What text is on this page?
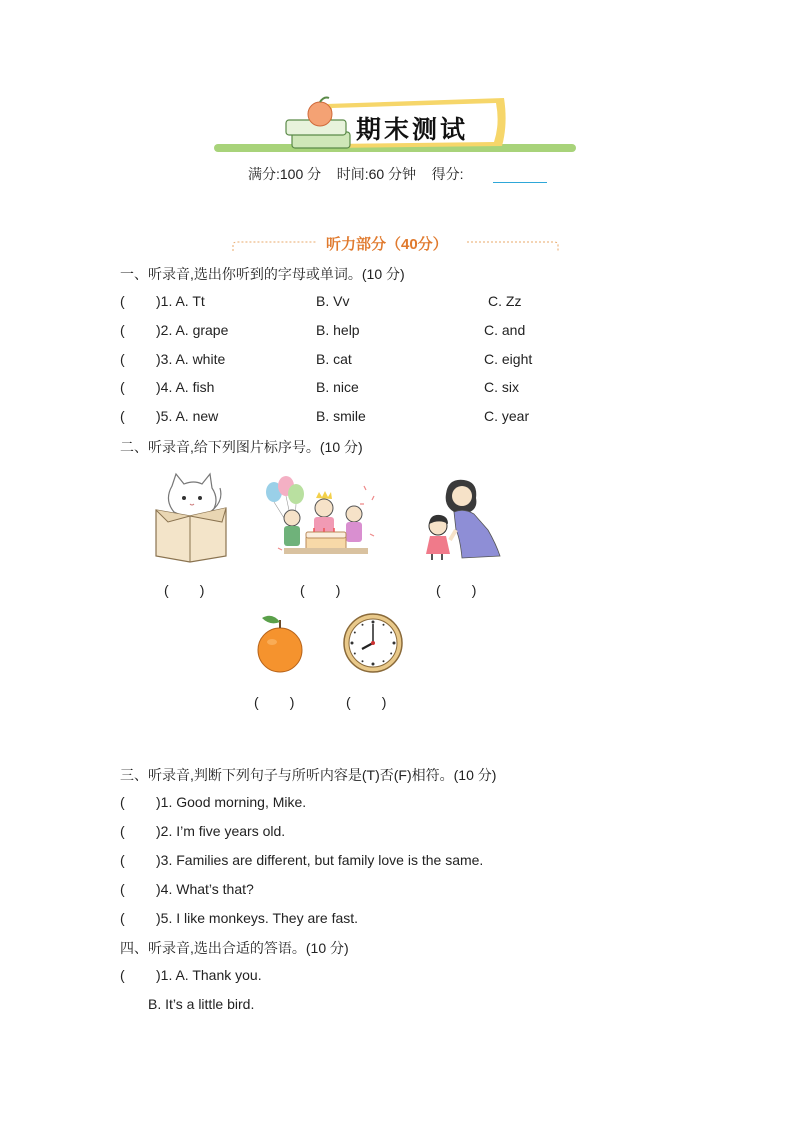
期末测试
满分:100 分    时间:60 分钟    得分:
听力部分（40分）
一、听录音,选出你听到的字母或单词。(10 分)
( )1. A. Tt	B. Vv	C. Zz
( )2. A. grape	B. help	C. and
( )3. A. white	B. cat	C. eight
( )4. A. fish	B. nice	C. six
( )5. A. new	B. smile	C. year
二、听录音,给下列图片标序号。(10 分)
(        )	(        )	(        )
(        )	(        )
三、听录音,判断下列句子与所听内容是(T)否(F)相符。(10 分)
( )1. Good morning, Mike.
( )2. I’m five years old.
( )3. Families are different, but family love is the same.
( )4. What’s that?
( )5. I like monkeys. They are fast.
四、听录音,选出合适的答语。(10 分)
( )1. A. Thank you.
B. It’s a little bird.
